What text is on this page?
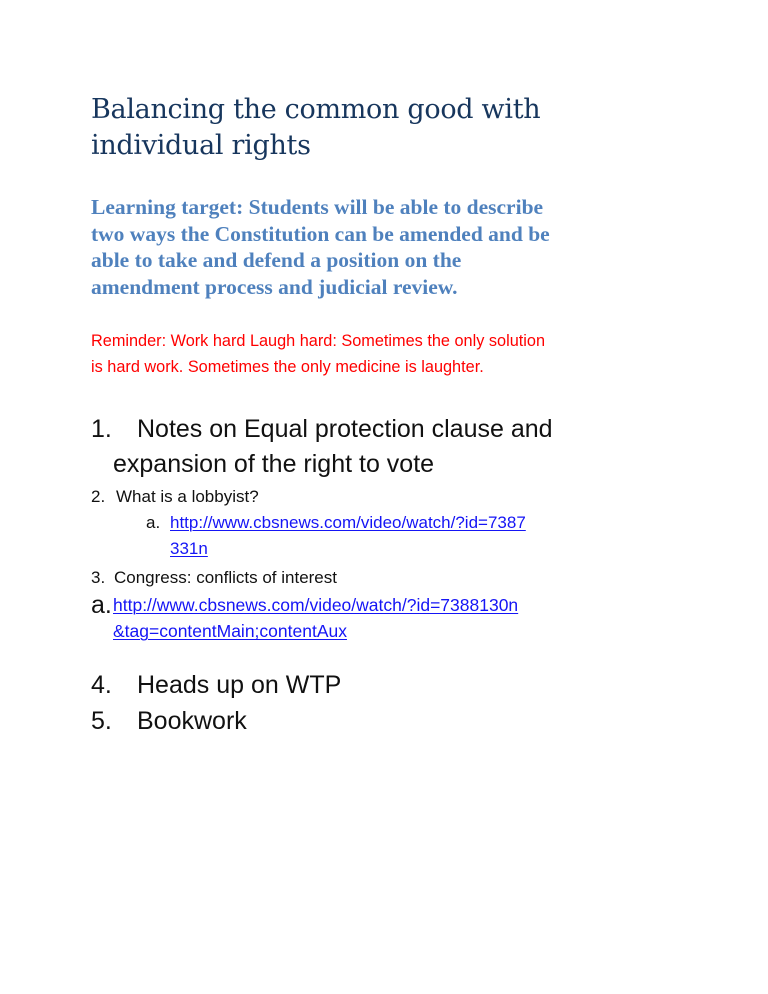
Balancing the common good with
individual rights

Learning target: Students will be able to describe
two ways the Constitution can be amended and be
able to take and defend a position on the
amendment process and judicial review.

Reminder: Work hard Laugh hard: Sometimes the only solution
is hard work. Sometimes the only medicine is laughter.

1. Notes on Equal protection clause and
expansion of the right to vote
2. What is a lobbyist?
a. http://www.cbsnews.com/video/watch/?id=7387
331n
3. Congress: conflicts of interest
a. http://www.cbsnews.com/video/watch/?id=7388130n
&tag=contentMain;contentAux
4. Heads up on WTP
5. Bookwork
